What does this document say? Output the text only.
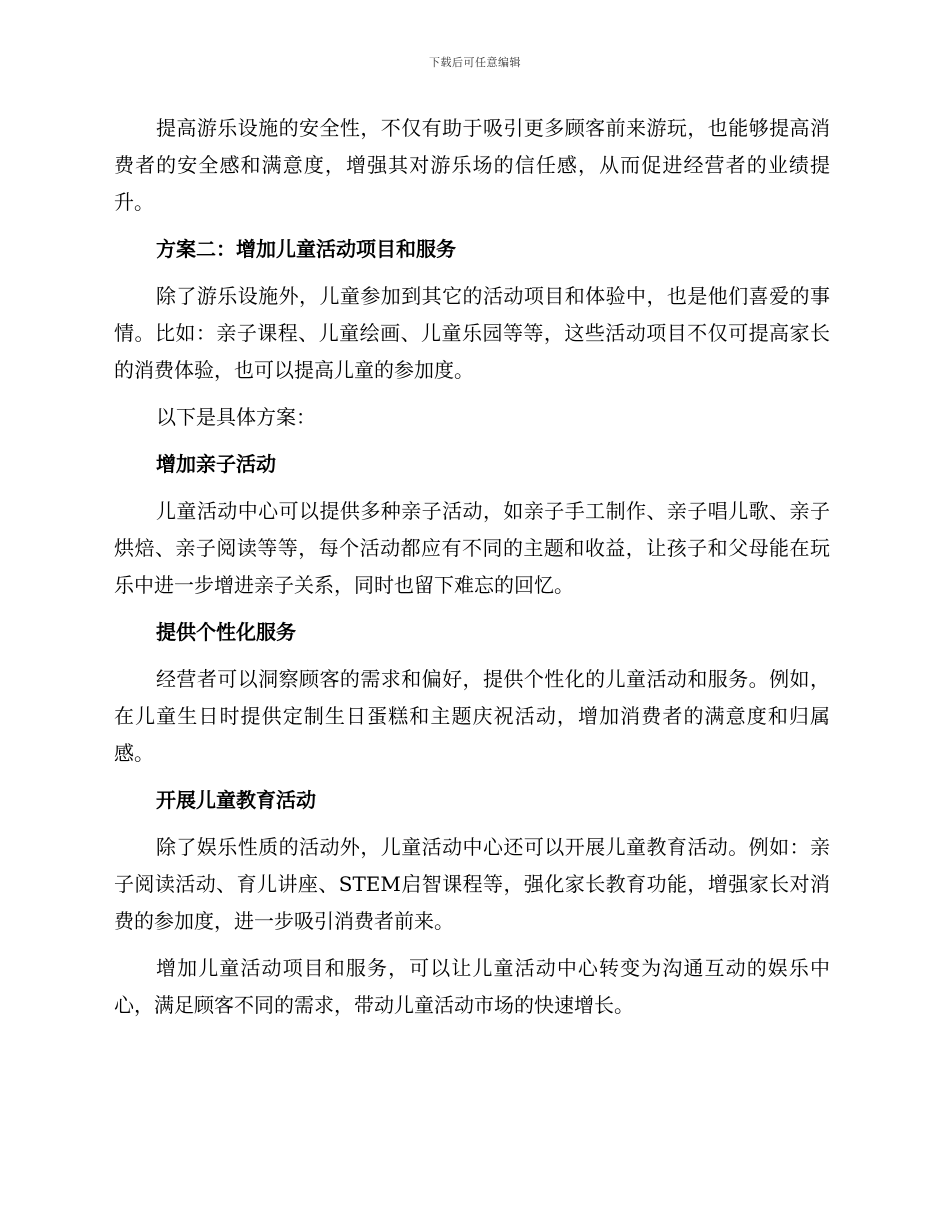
下载后可任意编辑

提高游乐设施的安全性，不仅有助于吸引更多顾客前来游玩，也能够提高消费者的安全感和满意度，增强其对游乐场的信任感，从而促进经营者的业绩提升。

方案二：增加儿童活动项目和服务

除了游乐设施外，儿童参加到其它的活动项目和体验中，也是他们喜爱的事情。比如：亲子课程、儿童绘画、儿童乐园等等，这些活动项目不仅可提高家长的消费体验，也可以提高儿童的参加度。

以下是具体方案：

增加亲子活动

儿童活动中心可以提供多种亲子活动，如亲子手工制作、亲子唱儿歌、亲子烘焙、亲子阅读等等，每个活动都应有不同的主题和收益，让孩子和父母能在玩乐中进一步增进亲子关系，同时也留下难忘的回忆。

提供个性化服务

经营者可以洞察顾客的需求和偏好，提供个性化的儿童活动和服务。例如，在儿童生日时提供定制生日蛋糕和主题庆祝活动，增加消费者的满意度和归属感。

开展儿童教育活动

除了娱乐性质的活动外，儿童活动中心还可以开展儿童教育活动。例如：亲子阅读活动、育儿讲座、STEM启智课程等，强化家长教育功能，增强家长对消费的参加度，进一步吸引消费者前来。

增加儿童活动项目和服务，可以让儿童活动中心转变为沟通互动的娱乐中心，满足顾客不同的需求，带动儿童活动市场的快速增长。
